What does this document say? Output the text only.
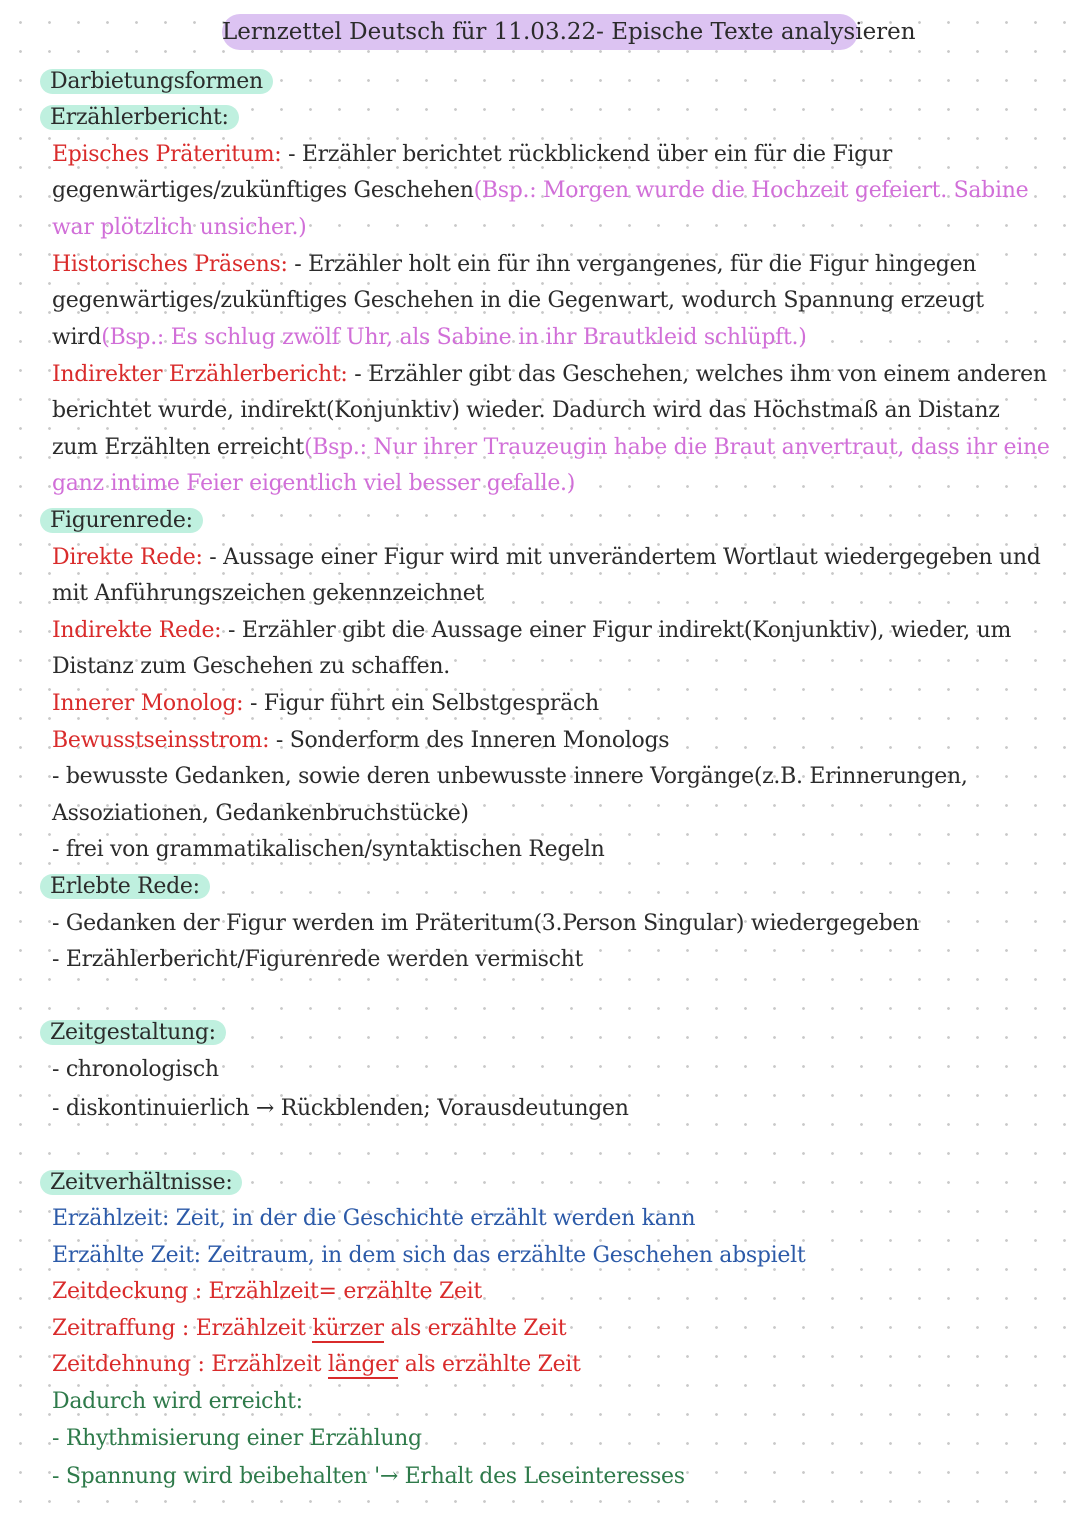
Lernzettel Deutsch für 11.03.22- Epische Texte analysieren
Darbietungsformen
Erzählerbericht:
Episches Präteritum: - Erzähler berichtet rückblickend über ein für die Figur
gegenwärtiges/zukünftiges Geschehen(Bsp.: Morgen wurde die Hochzeit gefeiert. Sabine
war plötzlich unsicher.)
Historisches Präsens: - Erzähler holt ein für ihn vergangenes, für die Figur hingegen
gegenwärtiges/zukünftiges Geschehen in die Gegenwart, wodurch Spannung erzeugt
wird(Bsp.: Es schlug zwölf Uhr, als Sabine in ihr Brautkleid schlüpft.)
Indirekter Erzählerbericht: - Erzähler gibt das Geschehen, welches ihm von einem anderen
berichtet wurde, indirekt(Konjunktiv) wieder. Dadurch wird das Höchstmaß an Distanz
zum Erzählten erreicht(Bsp.: Nur ihrer Trauzeugin habe die Braut anvertraut, dass ihr eine
ganz intime Feier eigentlich viel besser gefalle.)
Figurenrede:
Direkte Rede: - Aussage einer Figur wird mit unverändertem Wortlaut wiedergegeben und
mit Anführungszeichen gekennzeichnet
Indirekte Rede: - Erzähler gibt die Aussage einer Figur indirekt(Konjunktiv), wieder, um
Distanz zum Geschehen zu schaffen.
Innerer Monolog: - Figur führt ein Selbstgespräch
Bewusstseinsstrom: - Sonderform des Inneren Monologs
- bewusste Gedanken, sowie deren unbewusste innere Vorgänge(z.B. Erinnerungen,
Assoziationen, Gedankenbruchstücke)
- frei von grammatikalischen/syntaktischen Regeln
Erlebte Rede:
- Gedanken der Figur werden im Präteritum(3.Person Singular) wiedergegeben
- Erzählerbericht/Figurenrede werden vermischt
Zeitgestaltung:
- chronologisch
- diskontinuierlich → Rückblenden; Vorausdeutungen
Zeitverhältnisse:
Erzählzeit: Zeit, in der die Geschichte erzählt werden kann
Erzählte Zeit: Zeitraum, in dem sich das erzählte Geschehen abspielt
Zeitdeckung : Erzählzeit= erzählte Zeit
Zeitraffung : Erzählzeit kürzer als erzählte Zeit
Zeitdehnung : Erzählzeit länger als erzählte Zeit
Dadurch wird erreicht:
- Rhythmisierung einer Erzählung
- Spannung wird beibehalten '→ Erhalt des Leseinteresses
